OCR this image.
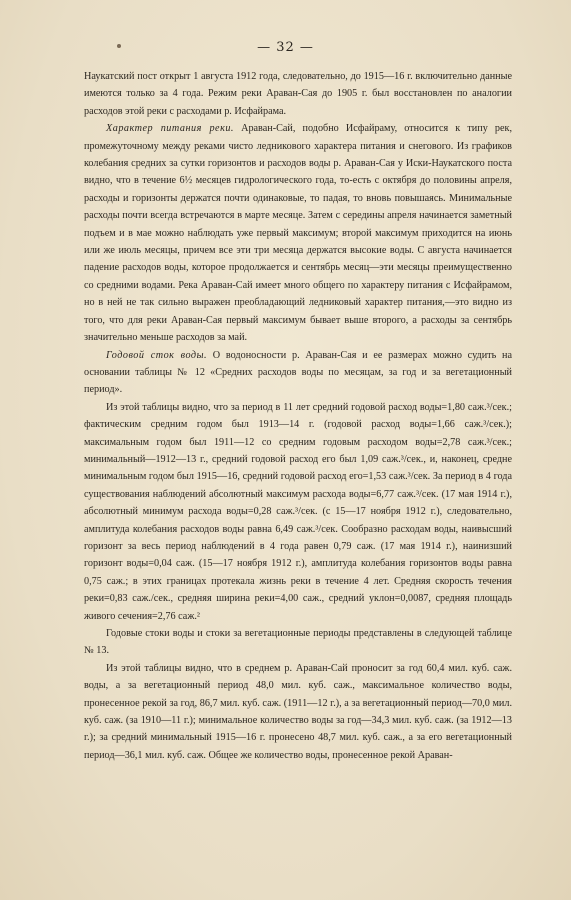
— 32 —

Наукатский пост открыт 1 августа 1912 года, следовательно, до 1915—16 г. включительно данные имеются только за 4 года. Режим реки Араван-Сая до 1905 г. был восстановлен по аналогии расходов этой реки с расходами р. Исфайрама.

Характер питания реки. Араван-Сай, подобно Исфайраму, относится к типу рек, промежуточному между реками чисто ледникового характера питания и снегового. Из графиков колебания средних за сутки горизонтов и расходов воды р. Араван-Сая у Иски-Наукатского поста видно, что в течение 6½ месяцев гидрологического года, то-есть с октября до половины апреля, расходы и горизонты держатся почти одинаковые, то падая, то вновь повышаясь. Минимальные расходы почти всегда встречаются в марте месяце. Затем с середины апреля начинается заметный подъем и в мае можно наблюдать уже первый максимум; второй максимум приходится на июнь или же июль месяцы, причем все эти три месяца держатся высокие воды. С августа начинается падение расходов воды, которое продолжается и сентябрь месяц—эти месяцы преимущественно со средними водами. Река Араван-Сай имеет много общего по характеру питания с Исфайрамом, но в ней не так сильно выражен преобладающий ледниковый характер питания,—это видно из того, что для реки Араван-Сая первый максимум бывает выше второго, а расходы за сентябрь значительно меньше расходов за май.

Годовой сток воды. О водоносности р. Араван-Сая и ее размерах можно судить на основании таблицы № 12 «Средних расходов воды по месяцам, за год и за вегетационный период».

Из этой таблицы видно, что за период в 11 лет средний годовой расход воды=1,80 саж.³/сек.; фактическим средним годом был 1913—14 г. (годовой расход воды=1,66 саж.³/сек.); максимальным годом был 1911—12 со средним годовым расходом воды=2,78 саж.³/сек.; минимальный—1912—13 г., средний годовой расход его был 1,09 саж.³/сек., и, наконец, средне минимальным годом был 1915—16, средний годовой расход его=1,53 саж.³/сек. За период в 4 года существования наблюдений абсолютный максимум расхода воды=6,77 саж.³/сек. (17 мая 1914 г.), абсолютный минимум расхода воды=0,28 саж.³/сек. (с 15—17 ноября 1912 г.), следовательно, амплитуда колебания расходов воды равна 6,49 саж.³/сек. Сообразно расходам воды, наивысший горизонт за весь период наблюдений в 4 года равен 0,79 саж. (17 мая 1914 г.), наинизший горизонт воды=0,04 саж. (15—17 ноября 1912 г.), амплитуда колебания горизонтов воды равна 0,75 саж.; в этих границах протекала жизнь реки в течение 4 лет. Средняя скорость течения реки=0,83 саж./сек., средняя ширина реки=4,00 саж., средний уклон=0,0087, средняя площадь живого сечения=2,76 саж.²

Годовые стоки воды и стоки за вегетационные периоды представлены в следующей таблице № 13.

Из этой таблицы видно, что в среднем р. Араван-Сай проносит за год 60,4 мил. куб. саж. воды, а за вегетационный период 48,0 мил. куб. саж., максимальное количество воды, пронесенное рекой за год, 86,7 мил. куб. саж. (1911—12 г.), а за вегетационный период—70,0 мил. куб. саж. (за 1910—11 г.); минимальное количество воды за год—34,3 мил. куб. саж. (за 1912—13 г.); за средний минимальный 1915—16 г. пронесено 48,7 мил. куб. саж., а за его вегетационный период—36,1 мил. куб. саж. Общее же количество воды, пронесенное рекой Араван-
